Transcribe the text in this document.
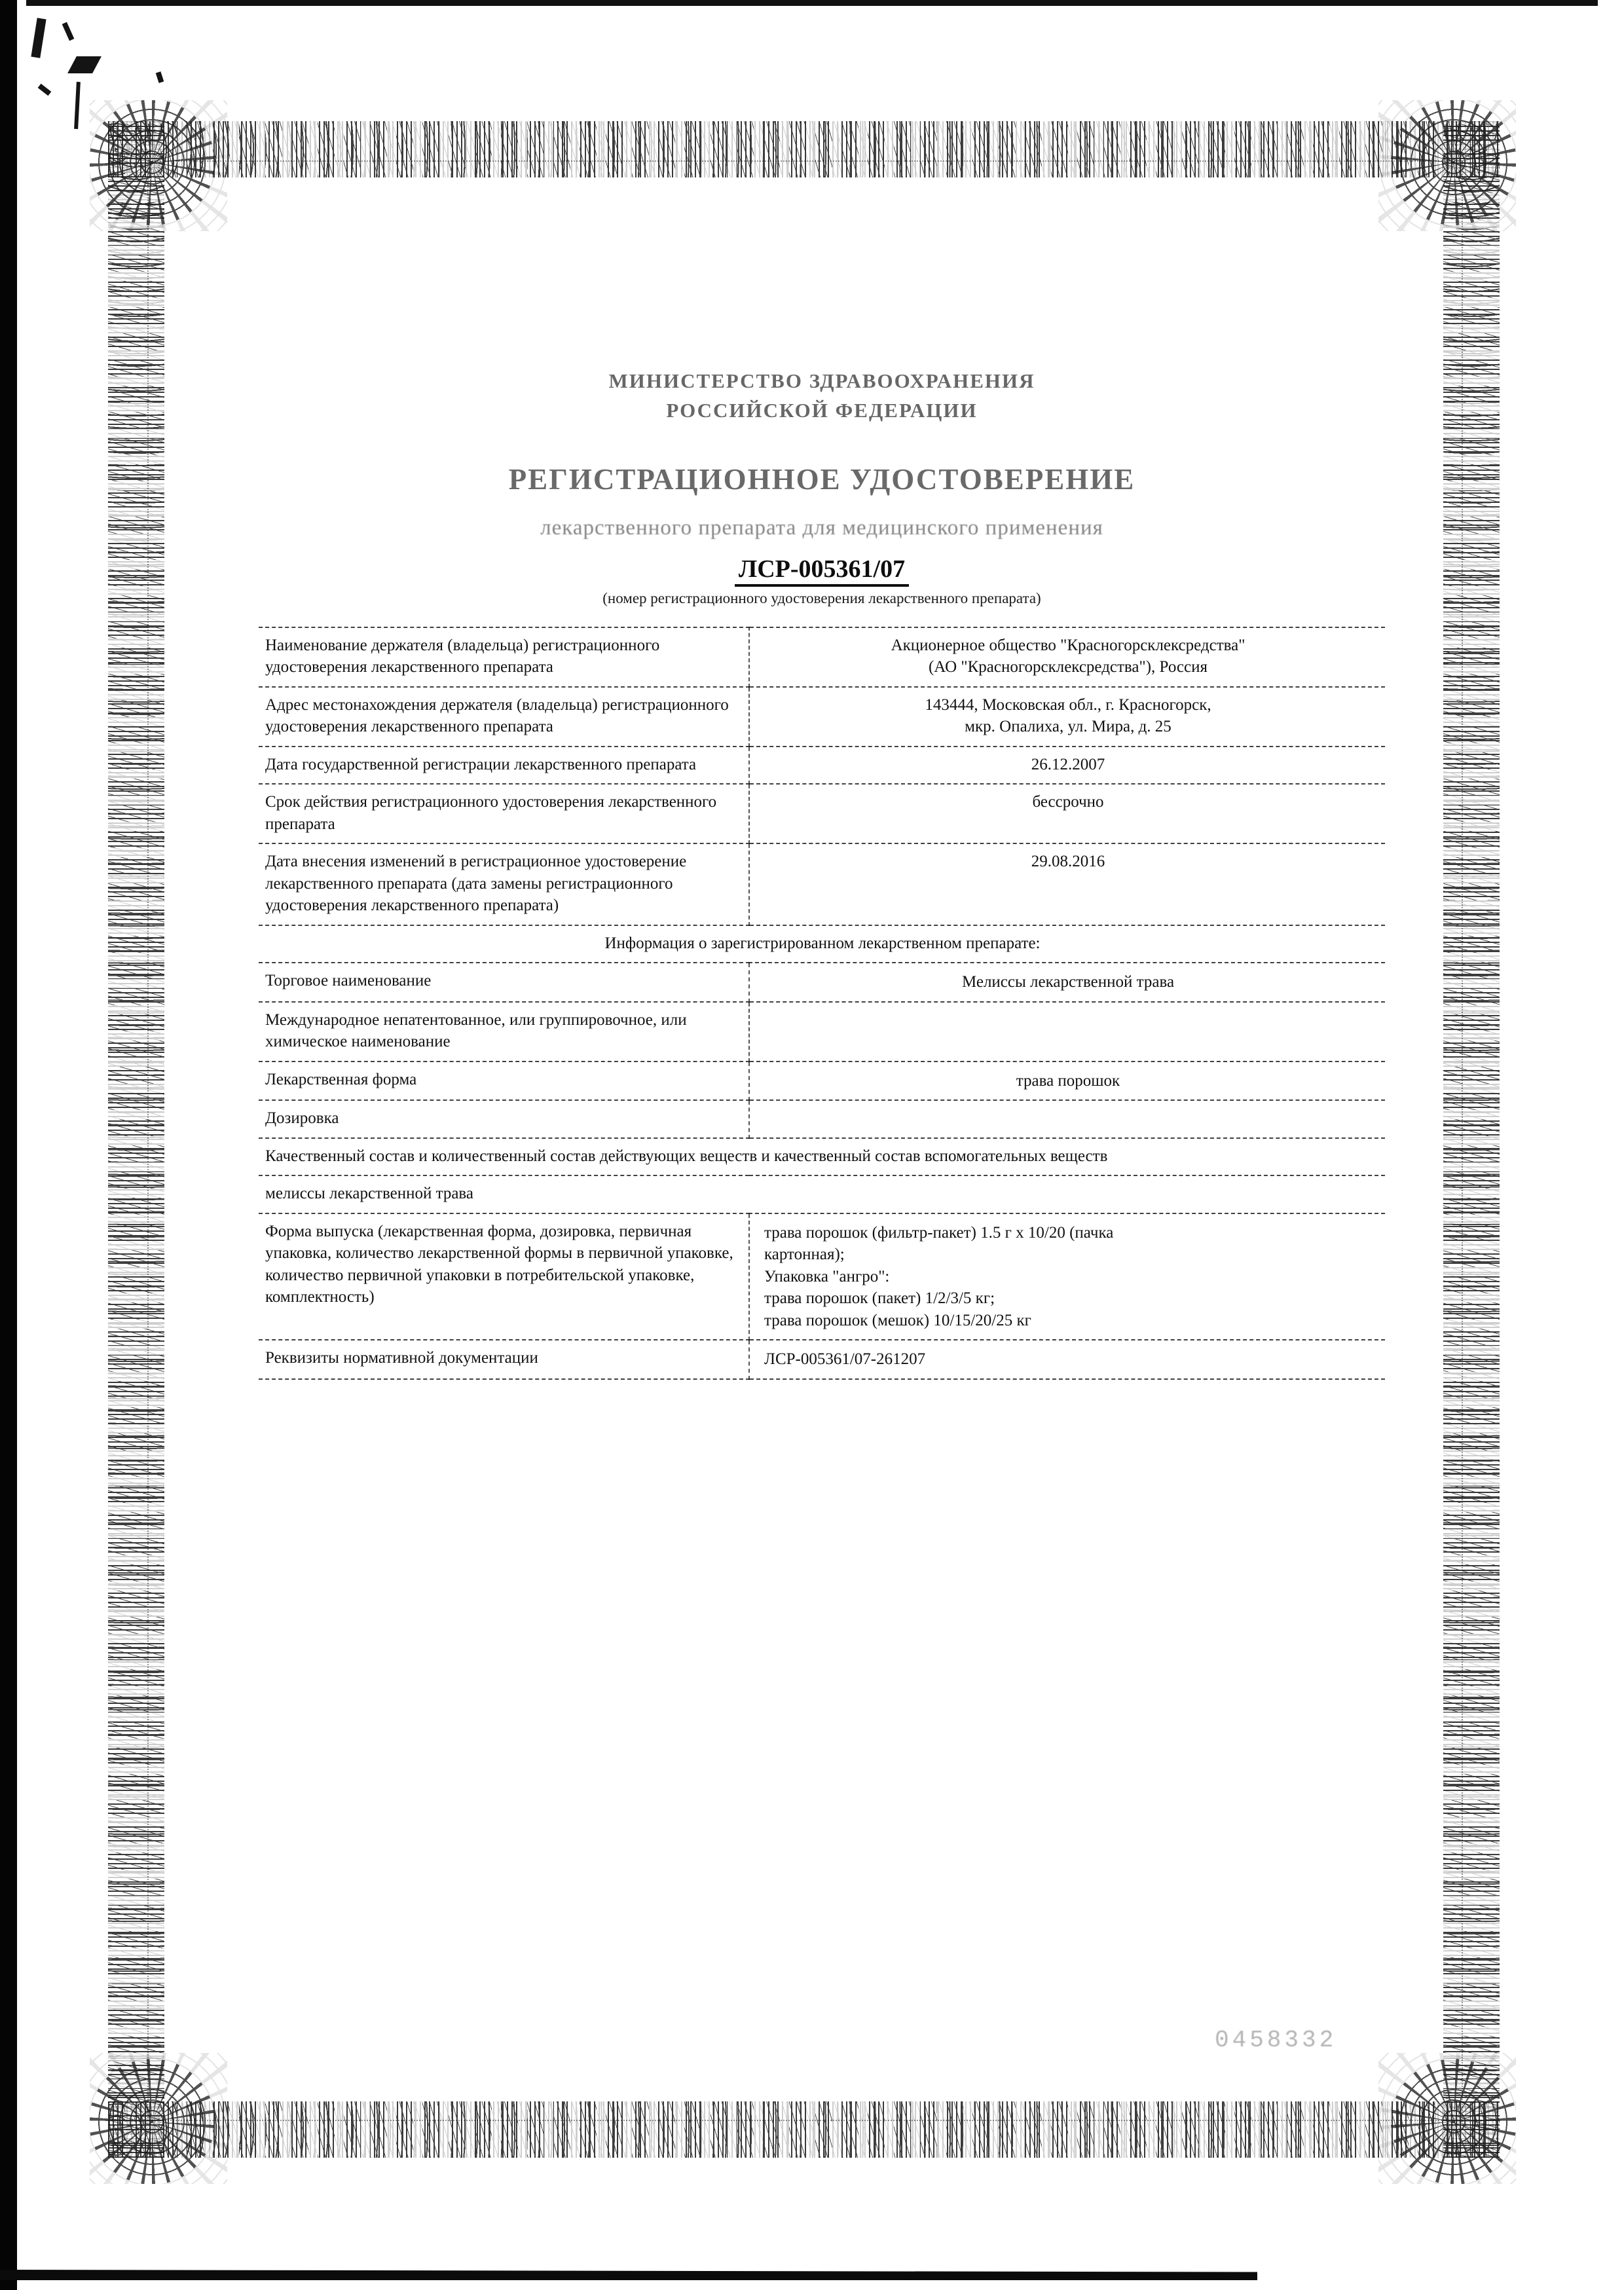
МИНИСТЕРСТВО ЗДРАВООХРАНЕНИЯ
РОССИЙСКОЙ ФЕДЕРАЦИИ
РЕГИСТРАЦИОННОЕ УДОСТОВЕРЕНИЕ
лекарственного препарата для медицинского применения
ЛСР-005361/07
(номер регистрационного удостоверения лекарственного препарата)
Наименование держателя (владельца) регистрационного удостоверения лекарственного препарата	Акционерное общество "Красногорсклексредства"
(АО "Красногорсклексредства"), Россия

Адрес местонахождения держателя (владельца) регистрационного удостоверения лекарственного препарата	143444, Московская обл., г. Красногорск,
мкр. Опалиха, ул. Мира, д. 25

Дата государственной регистрации лекарственного препарата	26.12.2007
Срок действия регистрационного удостоверения лекарственного препарата	бессрочно
Дата внесения изменений в регистрационное удостоверение лекарственного препарата (дата замены регистрационного удостоверения лекарственного препарата)	29.08.2016
Информация о зарегистрированном лекарственном препарате:	
Торговое наименование	Мелиссы лекарственной трава
Международное непатентованное, или группировочное, или химическое наименование	
Лекарственная форма	трава порошок
Дозировка	
Качественный состав и количественный состав действующих веществ и качественный состав вспомогательных веществ	
мелиссы лекарственной трава	
Форма выпуска (лекарственная форма, дозировка, первичная упаковка, количество лекарственной формы в первичной упаковке, количество первичной упаковки в потребительской упаковке, комплектность)	трава порошок (фильтр-пакет) 1.5 г х 10/20 (пачка
картонная);
Упаковка "ангро":
трава порошок (пакет) 1/2/3/5 кг;
трава порошок (мешок) 10/15/20/25 кг

Реквизиты нормативной документации	ЛСР-005361/07-261207
0458332
